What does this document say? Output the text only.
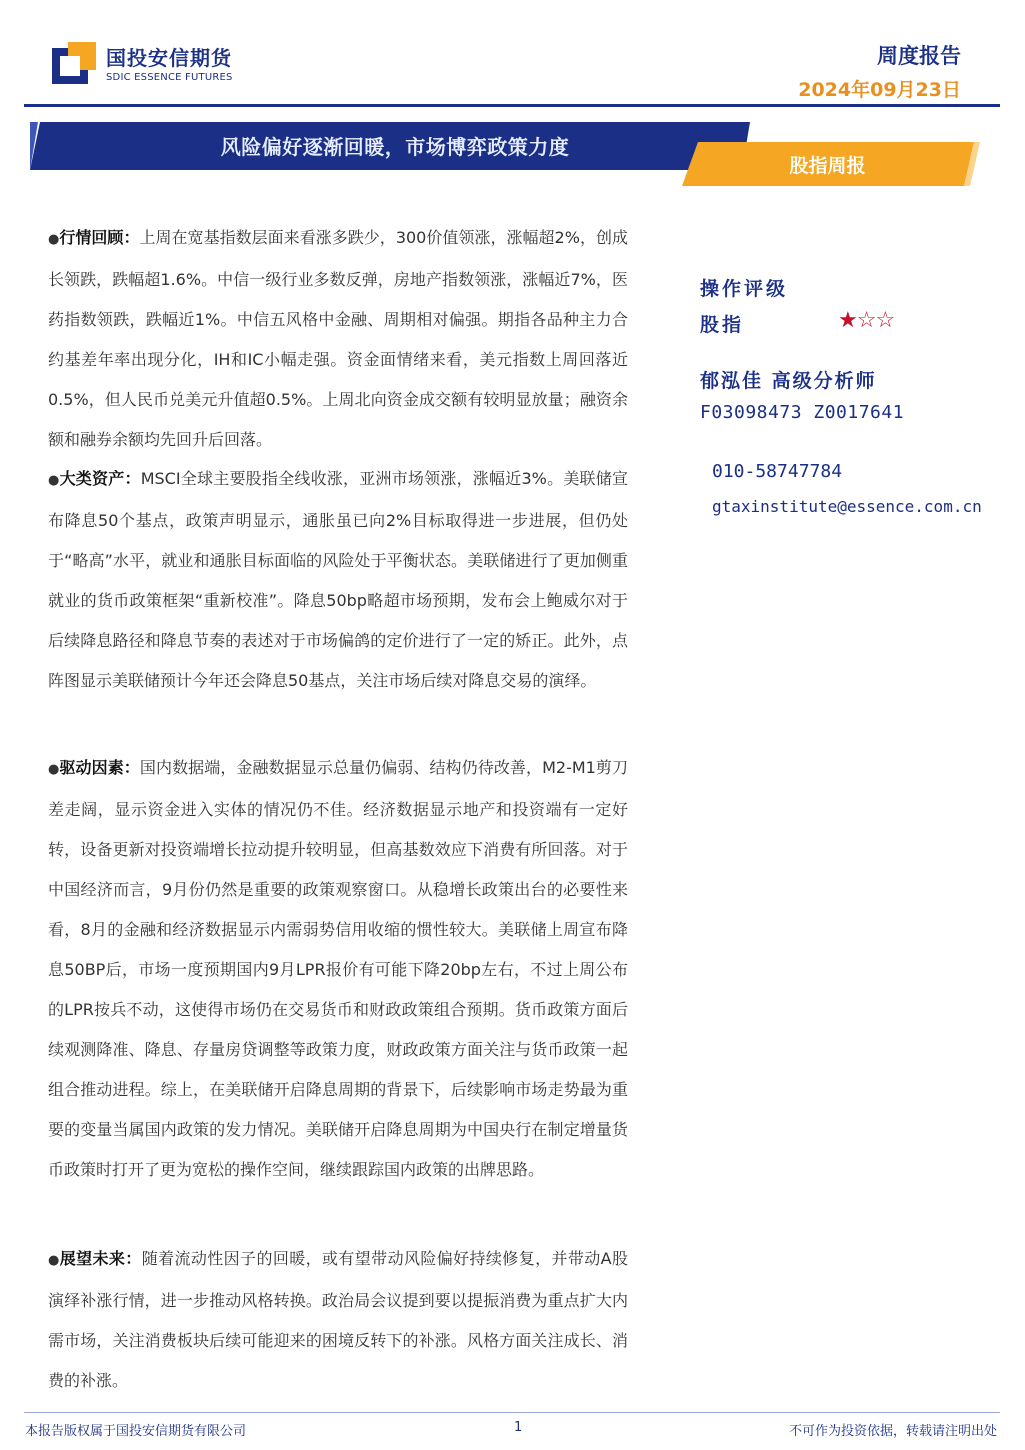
国投安信期货
SDIC ESSENCE FUTURES
周度报告
2024年09月23日
风险偏好逐渐回暖，市场博弈政策力度
股指周报
●行情回顾：上周在宽基指数层面来看涨多跌少，300价值领涨，涨幅超2%，创成长领跌，跌幅超1.6%。中信一级行业多数反弹，房地产指数领涨，涨幅近7%，医药指数领跌，跌幅近1%。中信五风格中金融、周期相对偏强。期指各品种主力合约基差年率出现分化，IH和IC小幅走强。资金面情绪来看，美元指数上周回落近0.5%，但人民币兑美元升值超0.5%。上周北向资金成交额有较明显放量；融资余额和融券余额均先回升后回落。
●大类资产：MSCI全球主要股指全线收涨，亚洲市场领涨，涨幅近3%。美联储宣布降息50个基点，政策声明显示，通胀虽已向2%目标取得进一步进展，但仍处于“略高”水平，就业和通胀目标面临的风险处于平衡状态。美联储进行了更加侧重就业的货币政策框架“重新校准”。降息50bp略超市场预期，发布会上鲍威尔对于后续降息路径和降息节奏的表述对于市场偏鸽的定价进行了一定的矫正。此外，点阵图显示美联储预计今年还会降息50基点，关注市场后续对降息交易的演绎。
●驱动因素：国内数据端，金融数据显示总量仍偏弱、结构仍待改善，M2-M1剪刀差走阔，显示资金进入实体的情况仍不佳。经济数据显示地产和投资端有一定好转，设备更新对投资端增长拉动提升较明显，但高基数效应下消费有所回落。对于中国经济而言，9月份仍然是重要的政策观察窗口。从稳增长政策出台的必要性来看，8月的金融和经济数据显示内需弱势信用收缩的惯性较大。美联储上周宣布降息50BP后，市场一度预期国内9月LPR报价有可能下降20bp左右，不过上周公布的LPR按兵不动，这使得市场仍在交易货币和财政政策组合预期。货币政策方面后续观测降准、降息、存量房贷调整等政策力度，财政政策方面关注与货币政策一起组合推动进程。综上，在美联储开启降息周期的背景下，后续影响市场走势最为重要的变量当属国内政策的发力情况。美联储开启降息周期为中国央行在制定增量货币政策时打开了更为宽松的操作空间，继续跟踪国内政策的出牌思路。
●展望未来：随着流动性因子的回暖，或有望带动风险偏好持续修复，并带动A股演绎补涨行情，进一步推动风格转换。政治局会议提到要以提振消费为重点扩大内需市场，关注消费板块后续可能迎来的困境反转下的补涨。风格方面关注成长、消费的补涨。
操作评级
股指	★☆☆
郁泓佳 高级分析师
F03098473 Z0017641
010-58747784
gtaxinstitute@essence.com.cn
本报告版权属于国投安信期货有限公司	1	不可作为投资依据，转载请注明出处
